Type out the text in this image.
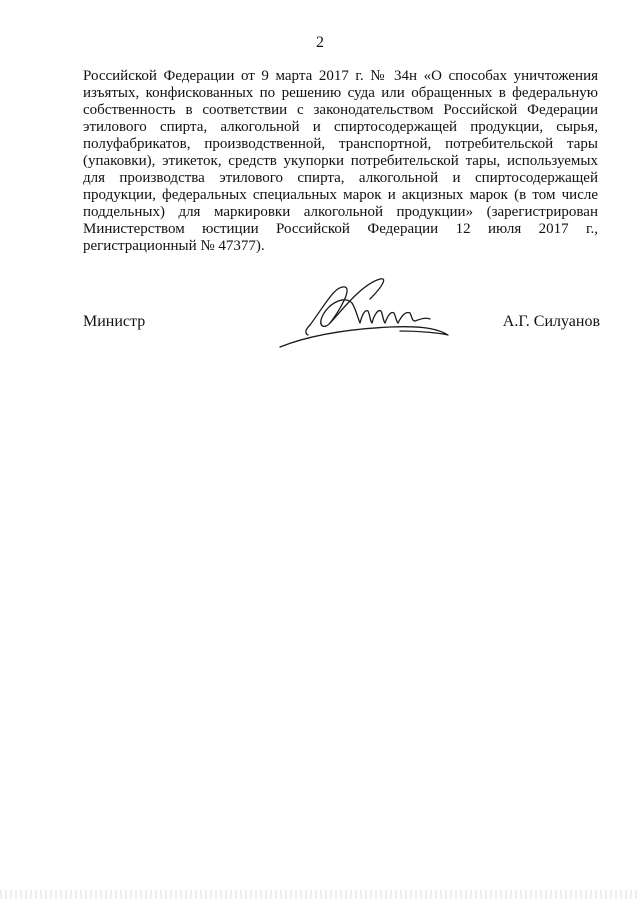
2
Российской Федерации от 9 марта 2017 г. № 34н «О способах уничтожения
изъятых, конфискованных по решению суда или обращенных в федеральную
собственность в соответствии с законодательством Российской Федерации
этилового спирта, алкогольной и спиртосодержащей продукции, сырья,
полуфабрикатов, производственной, транспортной, потребительской тары
(упаковки), этикеток, средств укупорки потребительской тары, используемых
для производства этилового спирта, алкогольной и спиртосодержащей
продукции, федеральных специальных марок и акцизных марок (в том числе
поддельных) для маркировки алкогольной продукции» (зарегистрирован
Министерством юстиции Российской Федерации 12 июля 2017 г.,
регистрационный № 47377).
Министр	А.Г. Силуанов
